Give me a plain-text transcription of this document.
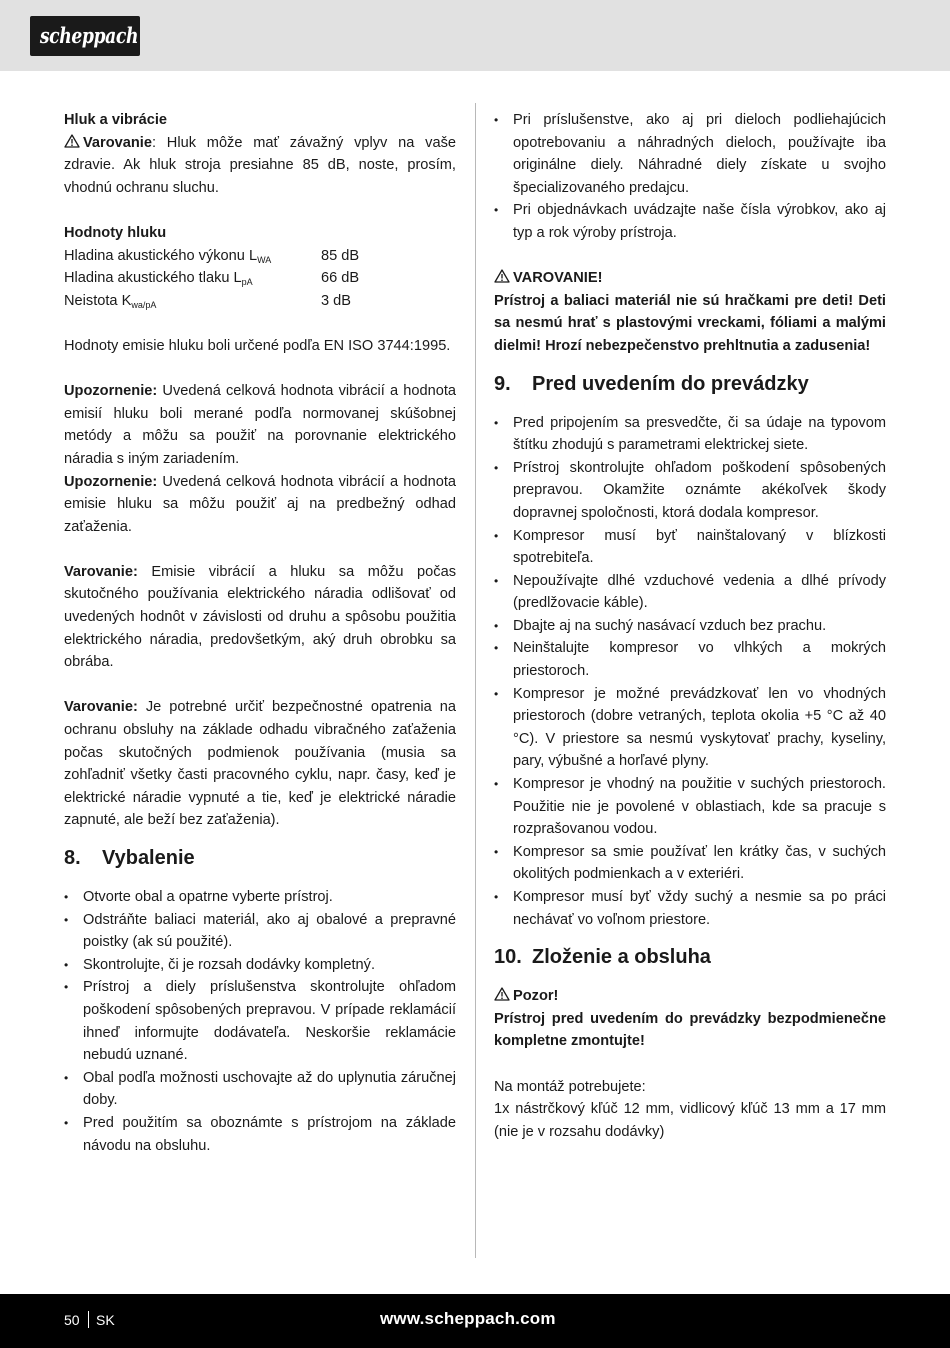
scheppach

Hluk a vibrácie

Varovanie: Hluk môže mať závažný vplyv na vaše zdravie. Ak hluk stroja presiahne 85 dB, noste, prosím, vhodnú ochranu sluchu.

Hodnoty hluku

Hladina akustického výkonu $L_{WA}$	85 dB
Hladina akustického tlaku $L_{pA}$	66 dB
Neistota $K_{wa/pA}$	3 dB

Hodnoty emisie hluku boli určené podľa EN ISO 3744:1995.

Upozornenie: Uvedená celková hodnota vibrácií a hodnota emisií hluku boli merané podľa normovanej skúšobnej metódy a môžu sa použiť na porovnanie elektrického náradia s iným zariadením.

Upozornenie: Uvedená celková hodnota vibrácií a hodnota emisie hluku sa môžu použiť aj na predbežný odhad zaťaženia.

Varovanie: Emisie vibrácií a hluku sa môžu počas skutočného používania elektrického náradia odlišovať od uvedených hodnôt v závislosti od druhu a spôsobu použitia elektrického náradia, predovšetkým, aký druh obrobku sa obrába.

Varovanie: Je potrebné určiť bezpečnostné opatrenia na ochranu obsluhy na základe odhadu vibračného zaťaženia počas skutočných podmienok používania (musia sa zohľadniť všetky časti pracovného cyklu, napr. časy, keď je elektrické náradie vypnuté a tie, keď je elektrické náradie zapnuté, ale beží bez zaťaženia).

8.	Vybalenie
• Otvorte obal a opatrne vyberte prístroj.
• Odstráňte baliaci materiál, ako aj obalové a prepravné poistky (ak sú použité).
• Skontrolujte, či je rozsah dodávky kompletný.
• Prístroj a diely príslušenstva skontrolujte ohľadom poškodení spôsobených prepravou. V prípade reklamácií ihneď informujte dodávateľa. Neskoršie reklamácie nebudú uznané.
• Obal podľa možnosti uschovajte až do uplynutia záručnej doby.
• Pred použitím sa oboznámte s prístrojom na základe návodu na obsluhu.
• Pri príslušenstve, ako aj pri dieloch podliehajúcich opotrebovaniu a náhradných dieloch, používajte iba originálne diely. Náhradné diely získate u svojho špecializovaného predajcu.
• Pri objednávkach uvádzajte naše čísla výrobkov, ako aj typ a rok výroby prístroja.

VAROVANIE!

Prístroj a baliaci materiál nie sú hračkami pre deti! Deti sa nesmú hrať s plastovými vreckami, fóliami a malými dielmi! Hrozí nebezpečenstvo prehltnutia a zadusenia!

9.	Pred uvedením do prevádzky
• Pred pripojením sa presvedčte, či sa údaje na typovom štítku zhodujú s parametrami elektrickej siete.
• Prístroj skontrolujte ohľadom poškodení spôsobených prepravou. Okamžite oznámte akékoľvek škody dopravnej spoločnosti, ktorá dodala kompresor.
• Kompresor musí byť nainštalovaný v blízkosti spotrebiteľa.
• Nepoužívajte dlhé vzduchové vedenia a dlhé prívody (predlžovacie káble).
• Dbajte aj na suchý nasávací vzduch bez prachu.
• Neinštalujte kompresor vo vlhkých a mokrých priestoroch.
• Kompresor je možné prevádzkovať len vo vhodných priestoroch (dobre vetraných, teplota okolia +5 °C až 40 °C). V priestore sa nesmú vyskytovať prachy, kyseliny, pary, výbušné a horľavé plyny.
• Kompresor je vhodný na použitie v suchých priestoroch. Použitie nie je povolené v oblastiach, kde sa pracuje s rozprašovanou vodou.
• Kompresor sa smie používať len krátky čas, v suchých okolitých podmienkach a v exteriéri.
• Kompresor musí byť vždy suchý a nesmie sa po práci nechávať vo voľnom priestore.
10. Zloženie a obsluha

Pozor!

Prístroj pred uvedením do prevádzky bezpodmienečne kompletne zmontujte!

Na montáž potrebujete:

1x nástrčkový kľúč 12 mm, vidlicový kľúč 13 mm a 17 mm (nie je v rozsahu dodávky)

50 SK	www.scheppach.com
